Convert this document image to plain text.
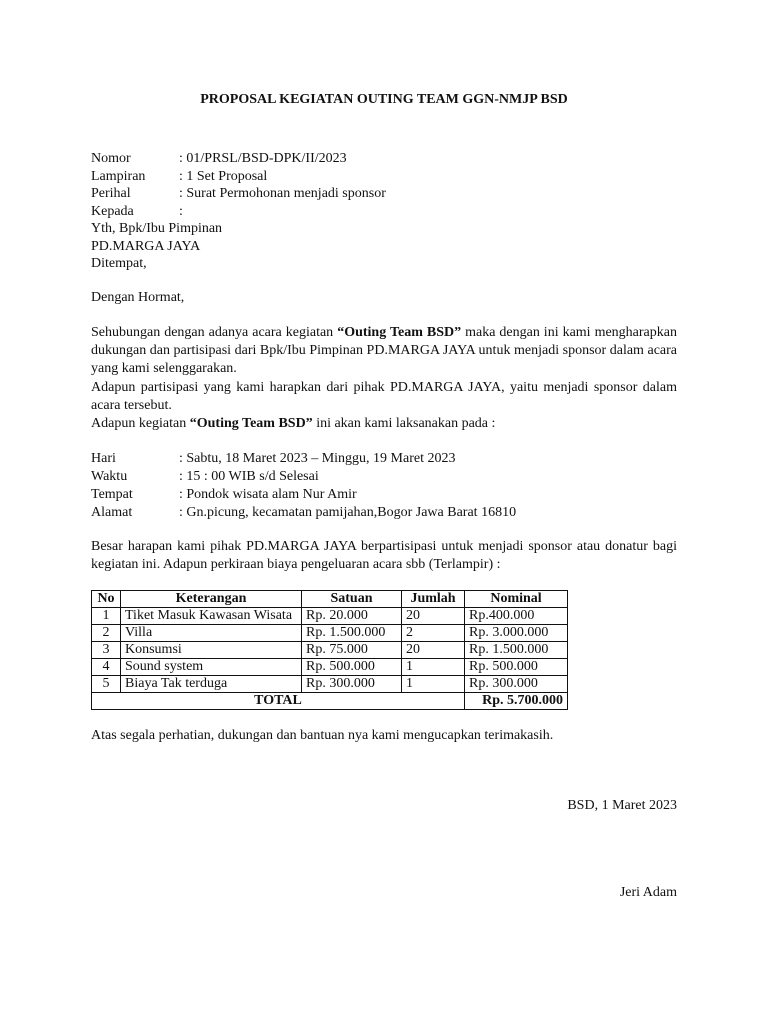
PROPOSAL KEGIATAN OUTING TEAM GGN-NMJP BSD
Nomor	: 01/PRSL/BSD-DPK/II/2023
Lampiran	: 1 Set Proposal
Perihal	: Surat Permohonan menjadi sponsor
Kepada	:
Yth, Bpk/Ibu Pimpinan
PD.MARGA JAYA
Ditempat,
Dengan Hormat,

Sehubungan dengan adanya acara kegiatan “Outing Team BSD” maka dengan ini kami mengharapkan dukungan dan partisipasi dari Bpk/Ibu Pimpinan PD.MARGA JAYA untuk menjadi sponsor dalam acara yang kami selenggarakan.

Adapun partisipasi yang kami harapkan dari pihak PD.MARGA JAYA, yaitu menjadi sponsor dalam acara tersebut.

Adapun kegiatan “Outing Team BSD” ini akan kami laksanakan pada :

Hari	: Sabtu, 18 Maret 2023 – Minggu, 19 Maret 2023
Waktu	: 15 : 00 WIB s/d Selesai
Tempat	: Pondok wisata alam Nur Amir
Alamat	: Gn.picung, kecamatan pamijahan,Bogor Jawa Barat 16810
Besar harapan kami pihak PD.MARGA JAYA berpartisipasi untuk menjadi sponsor atau donatur bagi kegiatan ini. Adapun perkiraan biaya pengeluaran acara sbb (Terlampir) :
No	Keterangan	Satuan	Jumlah	Nominal
1	Tiket Masuk Kawasan Wisata	Rp. 20.000	20	Rp.400.000
2	Villa	Rp. 1.500.000	2	Rp. 3.000.000
3	Konsumsi	Rp. 75.000	20	Rp. 1.500.000
4	Sound system	Rp. 500.000	1	Rp. 500.000
5	Biaya Tak terduga	Rp. 300.000	1	Rp. 300.000
TOTAL				Rp. 5.700.000
Atas segala perhatian, dukungan dan bantuan nya kami mengucapkan terimakasih.
BSD, 1 Maret 2023
Jeri Adam
